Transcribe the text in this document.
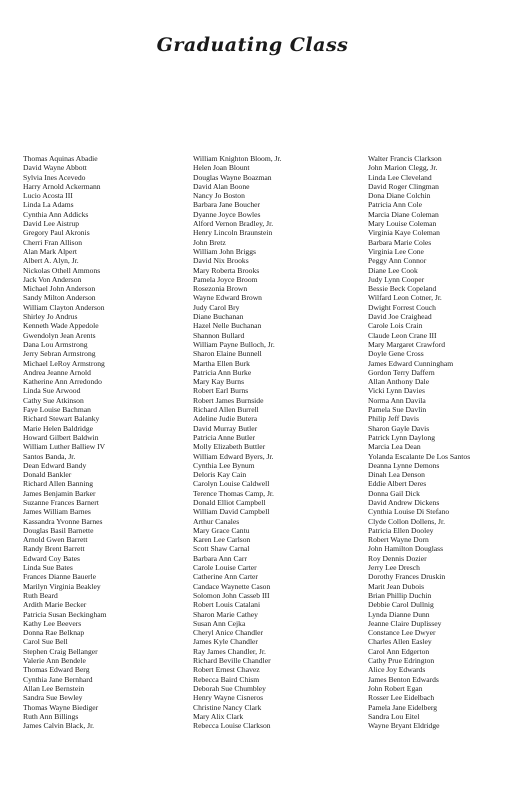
Graduating Class
Thomas Aquinas Abadie
David Wayne Abbott
Sylvia Ines Acevedo
Harry Arnold Ackermann
Lucio Acosta III
Linda La Adams
Cynthia Ann Addicks
David Lee Aistrup
Gregory Paul Akronis
Cherri Fran Allison
Alan Mark Alpert
Albert A. Alyn, Jr.
Nickolas Othell Ammons
Jack Von Anderson
Michael John Anderson
Sandy Milton Anderson
William Clayton Anderson
Shirley Jo Andrus
Kenneth Wade Appedole
Gwendolyn Jean Arents
Dana Lou Armstrong
Jerry Sebran Armstrong
Michael LeRoy Armstrong
Andrea Jeanne Arnold
Katherine Ann Arredondo
Linda Sue Arwood
Cathy Sue Atkinson
Faye Louise Bachman
Richard Stewart Balanky
Marie Helen Baldridge
Howard Gilbert Baldwin
William Luther Balliew IV
Santos Banda, Jr.
Dean Edward Bandy
Donald Bankler
Richard Allen Banning
James Benjamin Barker
Suzanne Frances Barnert
James William Barnes
Kassandra Yvonne Barnes
Douglas Basil Barnette
Arnold Gwen Barrett
Randy Brent Barrett
Edward Coy Bates
Linda Sue Bates
Frances Dianne Bauerle
Marilyn Virginia Beakley
Ruth Beard
Ardith Marie Becker
Patricia Susan Beckingham
Kathy Lee Beevers
Donna Rae Belknap
Carol Sue Bell
Stephen Craig Bellanger
Valerie Ann Bendele
Thomas Edward Berg
Cynthia Jane Bernhard
Allan Lee Bernstein
Sandra Sue Bewley
Thomas Wayne Biediger
Ruth Ann Billings
James Calvin Black, Jr.
William Knighton Bloom, Jr.
Helen Joan Blount
Douglas Wayne Boazman
David Alan Boone
Nancy Jo Boston
Barbara Jane Boucher
Dyanne Joyce Bowles
Alford Vernon Bradley, Jr.
Henry Lincoln Braunstein
John Bretz
William John Briggs
David Nix Brooks
Mary Roberta Brooks
Pamela Joyce Broom
Rosezonia Brown
Wayne Edward Brown
Judy Carol Bry
Diane Buchanan
Hazel Nelle Buchanan
Shannon Bullard
William Payne Bulloch, Jr.
Sharon Elaine Bunnell
Martha Ellen Burk
Patricia Ann Burke
Mary Kay Burns
Robert Earl Burns
Robert James Burnside
Richard Allen Burrell
Adeline Judie Butera
David Murray Butler
Patricia Anne Butler
Molly Elizabeth Buttler
William Edward Byers, Jr.
Cynthia Lee Bynum
Deloris Kay Cain
Carolyn Louise Caldwell
Terence Thomas Camp, Jr.
Donald Elliot Campbell
William David Campbell
Arthur Canales
Mary Grace Cantu
Karen Lee Carlson
Scott Shaw Carnal
Barbara Ann Carr
Carole Louise Carter
Catherine Ann Carter
Candace Waynette Cason
Solomon John Casseb III
Robert Louis Catalani
Sharon Marie Cathey
Susan Ann Cejka
Cheryl Anice Chandler
James Kyle Chandler
Ray James Chandler, Jr.
Richard Beville Chandler
Robert Ernest Chavez
Rebecca Baird Chism
Deborah Sue Chumbley
Henry Wayne Cisneros
Christine Nancy Clark
Mary Alix Clark
Rebecca Louise Clarkson
Walter Francis Clarkson
John Marion Clegg, Jr.
Linda Lee Cleveland
David Roger Clingman
Dona Diane Colchin
Patricia Ann Cole
Marcia Diane Coleman
Mary Louise Coleman
Virginia Kaye Coleman
Barbara Marie Coles
Virginia Lee Cone
Peggy Ann Connor
Diane Lee Cook
Judy Lynn Cooper
Bessie Beck Copeland
Wilfard Leon Cotner, Jr.
Dwight Forrest Couch
David Joe Craighead
Carole Lois Crain
Claude Leon Crane III
Mary Margaret Crawford
Doyle Gene Cross
James Edward Cunningham
Gordon Terry Daffern
Allan Anthony Dale
Vicki Lynn Davies
Norma Ann Davila
Pamela Sue Davlin
Philip Jeff Davis
Sharon Gayle Davis
Patrick Lynn Daylong
Marcia Lea Dean
Yolanda Escalante De Los Santos
Deanna Lynne Demons
Dinah Lea Denson
Eddie Albert Deres
Donna Gail Dick
David Andrew Dickens
Cynthia Louise Di Stefano
Clyde Collon Dollens, Jr.
Patricia Ellen Dooley
Robert Wayne Dorn
John Hamilton Douglass
Roy Dennis Dozier
Jerry Lee Dresch
Dorothy Frances Druskin
Marit Jean Dubois
Brian Phillip Duchin
Debbie Carol Dullnig
Lynda Dianne Dunn
Jeanne Claire Duplissey
Constance Lee Dwyer
Charles Allen Easley
Carol Ann Edgerton
Cathy Prue Edrington
Alice Joy Edwards
James Benton Edwards
John Robert Egan
Rosser Lee Eidelbach
Pamela Jane Eidelberg
Sandra Lou Eitel
Wayne Bryant Eldridge
